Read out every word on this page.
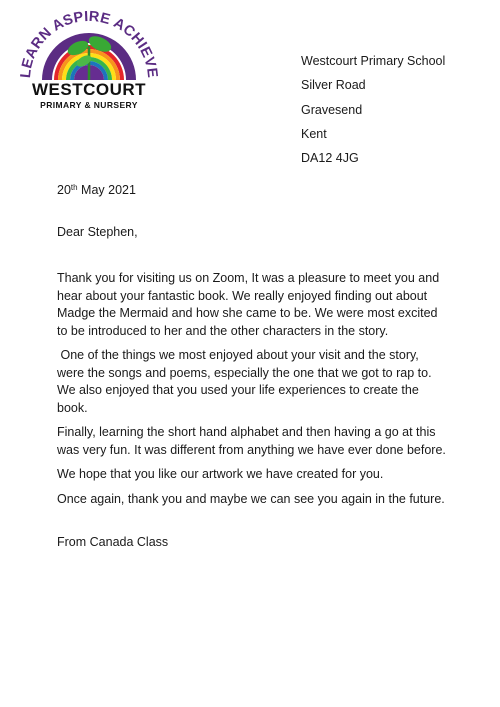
LEARN ASPIRE ACHIEVE
WESTCOURT
PRIMARY & NURSERY
Westcourt Primary School
Silver Road
Gravesend
Kent
DA12 4JG
20th May 2021
Dear Stephen,

Thank you for visiting us on Zoom, It was a pleasure to meet you and hear about your fantastic book. We really enjoyed finding out about Madge the Mermaid and how she came to be. We were most excited to be introduced to her and the other characters in the story.

One of the things we most enjoyed about your visit and the story, were the songs and poems, especially the one that we got to rap to. We also enjoyed that you used your life experiences to create the book.

Finally, learning the short hand alphabet and then having a go at this was very fun. It was different from anything we have ever done before.

We hope that you like our artwork we have created for you.

Once again, thank you and maybe we can see you again in the future.

From Canada Class
